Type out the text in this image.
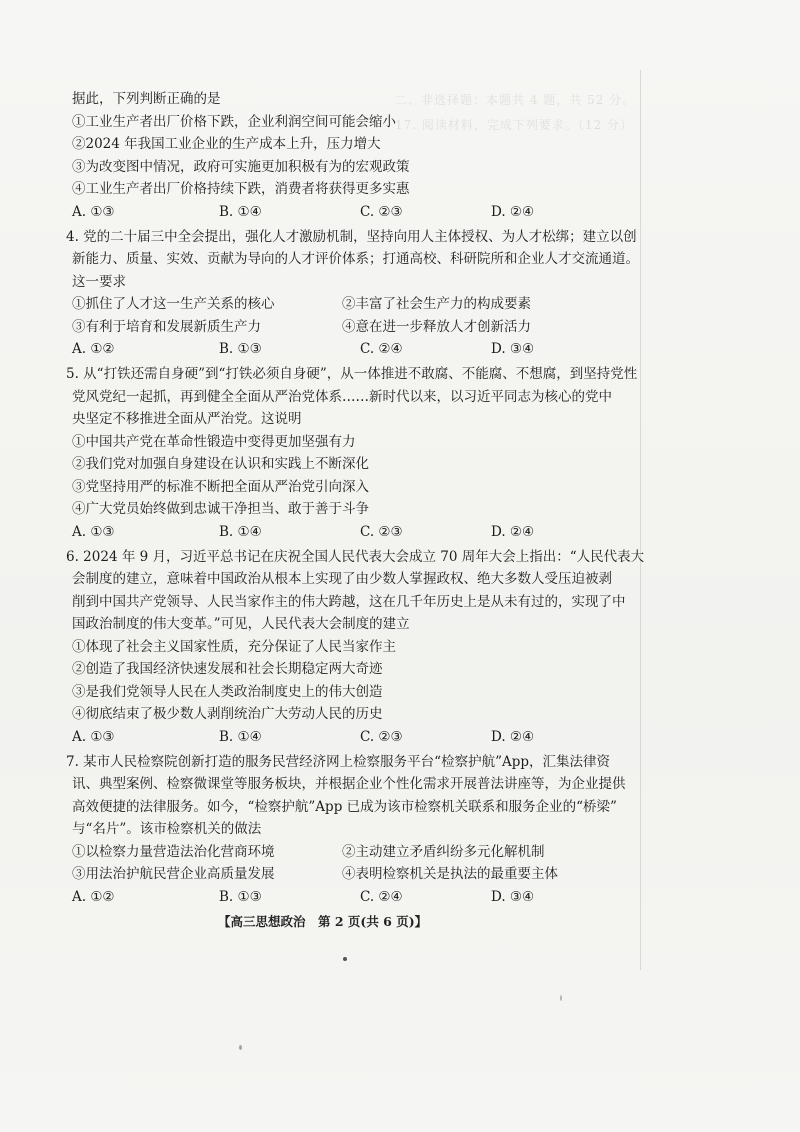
二、非选择题：本题共 4 题，共 52 分。
17. 阅读材料，完成下列要求。（12 分）

据此，下列判断正确的是
①工业生产者出厂价格下跌，企业利润空间可能会缩小
②2024 年我国工业企业的生产成本上升，压力增大
③为改变图中情况，政府可实施更加积极有为的宏观政策
④工业生产者出厂价格持续下跌，消费者将获得更多实惠
A. ①③	B. ①④	C. ②③	D. ②④
4. 党的二十届三中全会提出，强化人才激励机制，坚持向用人主体授权、为人才松绑；建立以创
新能力、质量、实效、贡献为导向的人才评价体系；打通高校、科研院所和企业人才交流通道。
这一要求
①抓住了人才这一生产关系的核心	②丰富了社会生产力的构成要素
③有利于培育和发展新质生产力	④意在进一步释放人才创新活力
A. ①②	B. ①③	C. ②④	D. ③④
5. 从“打铁还需自身硬”到“打铁必须自身硬”，从一体推进不敢腐、不能腐、不想腐，到坚持党性
党风党纪一起抓，再到健全全面从严治党体系……新时代以来，以习近平同志为核心的党中
央坚定不移推进全面从严治党。这说明
①中国共产党在革命性锻造中变得更加坚强有力
②我们党对加强自身建设在认识和实践上不断深化
③党坚持用严的标准不断把全面从严治党引向深入
④广大党员始终做到忠诚干净担当、敢于善于斗争
A. ①③	B. ①④	C. ②③	D. ②④
6. 2024 年 9 月，习近平总书记在庆祝全国人民代表大会成立 70 周年大会上指出：“人民代表大
会制度的建立，意味着中国政治从根本上实现了由少数人掌握政权、绝大多数人受压迫被剥
削到中国共产党领导、人民当家作主的伟大跨越，这在几千年历史上是从未有过的，实现了中
国政治制度的伟大变革。”可见，人民代表大会制度的建立
①体现了社会主义国家性质，充分保证了人民当家作主
②创造了我国经济快速发展和社会长期稳定两大奇迹
③是我们党领导人民在人类政治制度史上的伟大创造
④彻底结束了极少数人剥削统治广大劳动人民的历史
A. ①③	B. ①④	C. ②③	D. ②④
7. 某市人民检察院创新打造的服务民营经济网上检察服务平台“检察护航”App，汇集法律资
讯、典型案例、检察微课堂等服务板块，并根据企业个性化需求开展普法讲座等，为企业提供
高效便捷的法律服务。如今，“检察护航”App 已成为该市检察机关联系和服务企业的“桥梁”
与“名片”。该市检察机关的做法
①以检察力量营造法治化营商环境	②主动建立矛盾纠纷多元化解机制
③用法治护航民营企业高质量发展	④表明检察机关是执法的最重要主体
A. ①②	B. ①③	C. ②④	D. ③④
【高三思想政治　第 2 页(共 6 页)】
